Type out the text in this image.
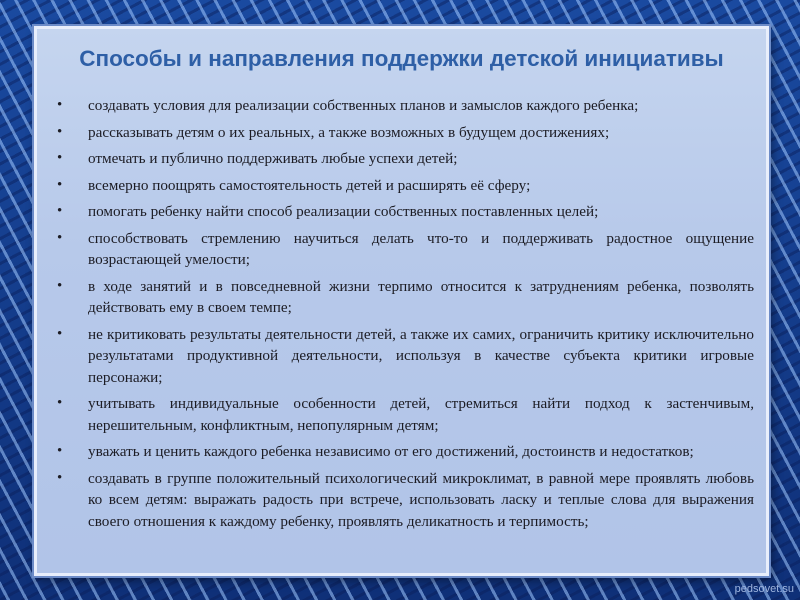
Способы и направления поддержки детской инициативы
• создавать условия для реализации собственных планов и замыслов каждого ребенка;
• рассказывать детям о их реальных, а также возможных в будущем достижениях;
• отмечать и публично поддерживать любые успехи детей;
• всемерно поощрять самостоятельность детей и расширять её сферу;
• помогать ребенку найти способ реализации собственных поставленных целей;
• способствовать стремлению научиться делать что-то и поддерживать радостное ощущение возрастающей умелости;
• в ходе занятий и в повседневной жизни терпимо относится к затруднениям ребенка, позволять действовать ему в своем темпе;
• не критиковать результаты деятельности детей, а также их самих, ограничить критику исключительно результатами продуктивной деятельности, используя в качестве субъекта критики игровые персонажи;
• учитывать индивидуальные особенности детей, стремиться найти подход к застенчивым, нерешительным, конфликтным, непопулярным детям;
• уважать и ценить каждого ребенка независимо от его достижений, достоинств и недостатков;
• создавать в группе положительный психологический микроклимат, в равной мере проявлять любовь ко всем детям: выражать радость при встрече, использовать ласку и теплые слова для выражения своего отношения к каждому ребенку, проявлять деликатность и терпимость;
pedsovet.su
